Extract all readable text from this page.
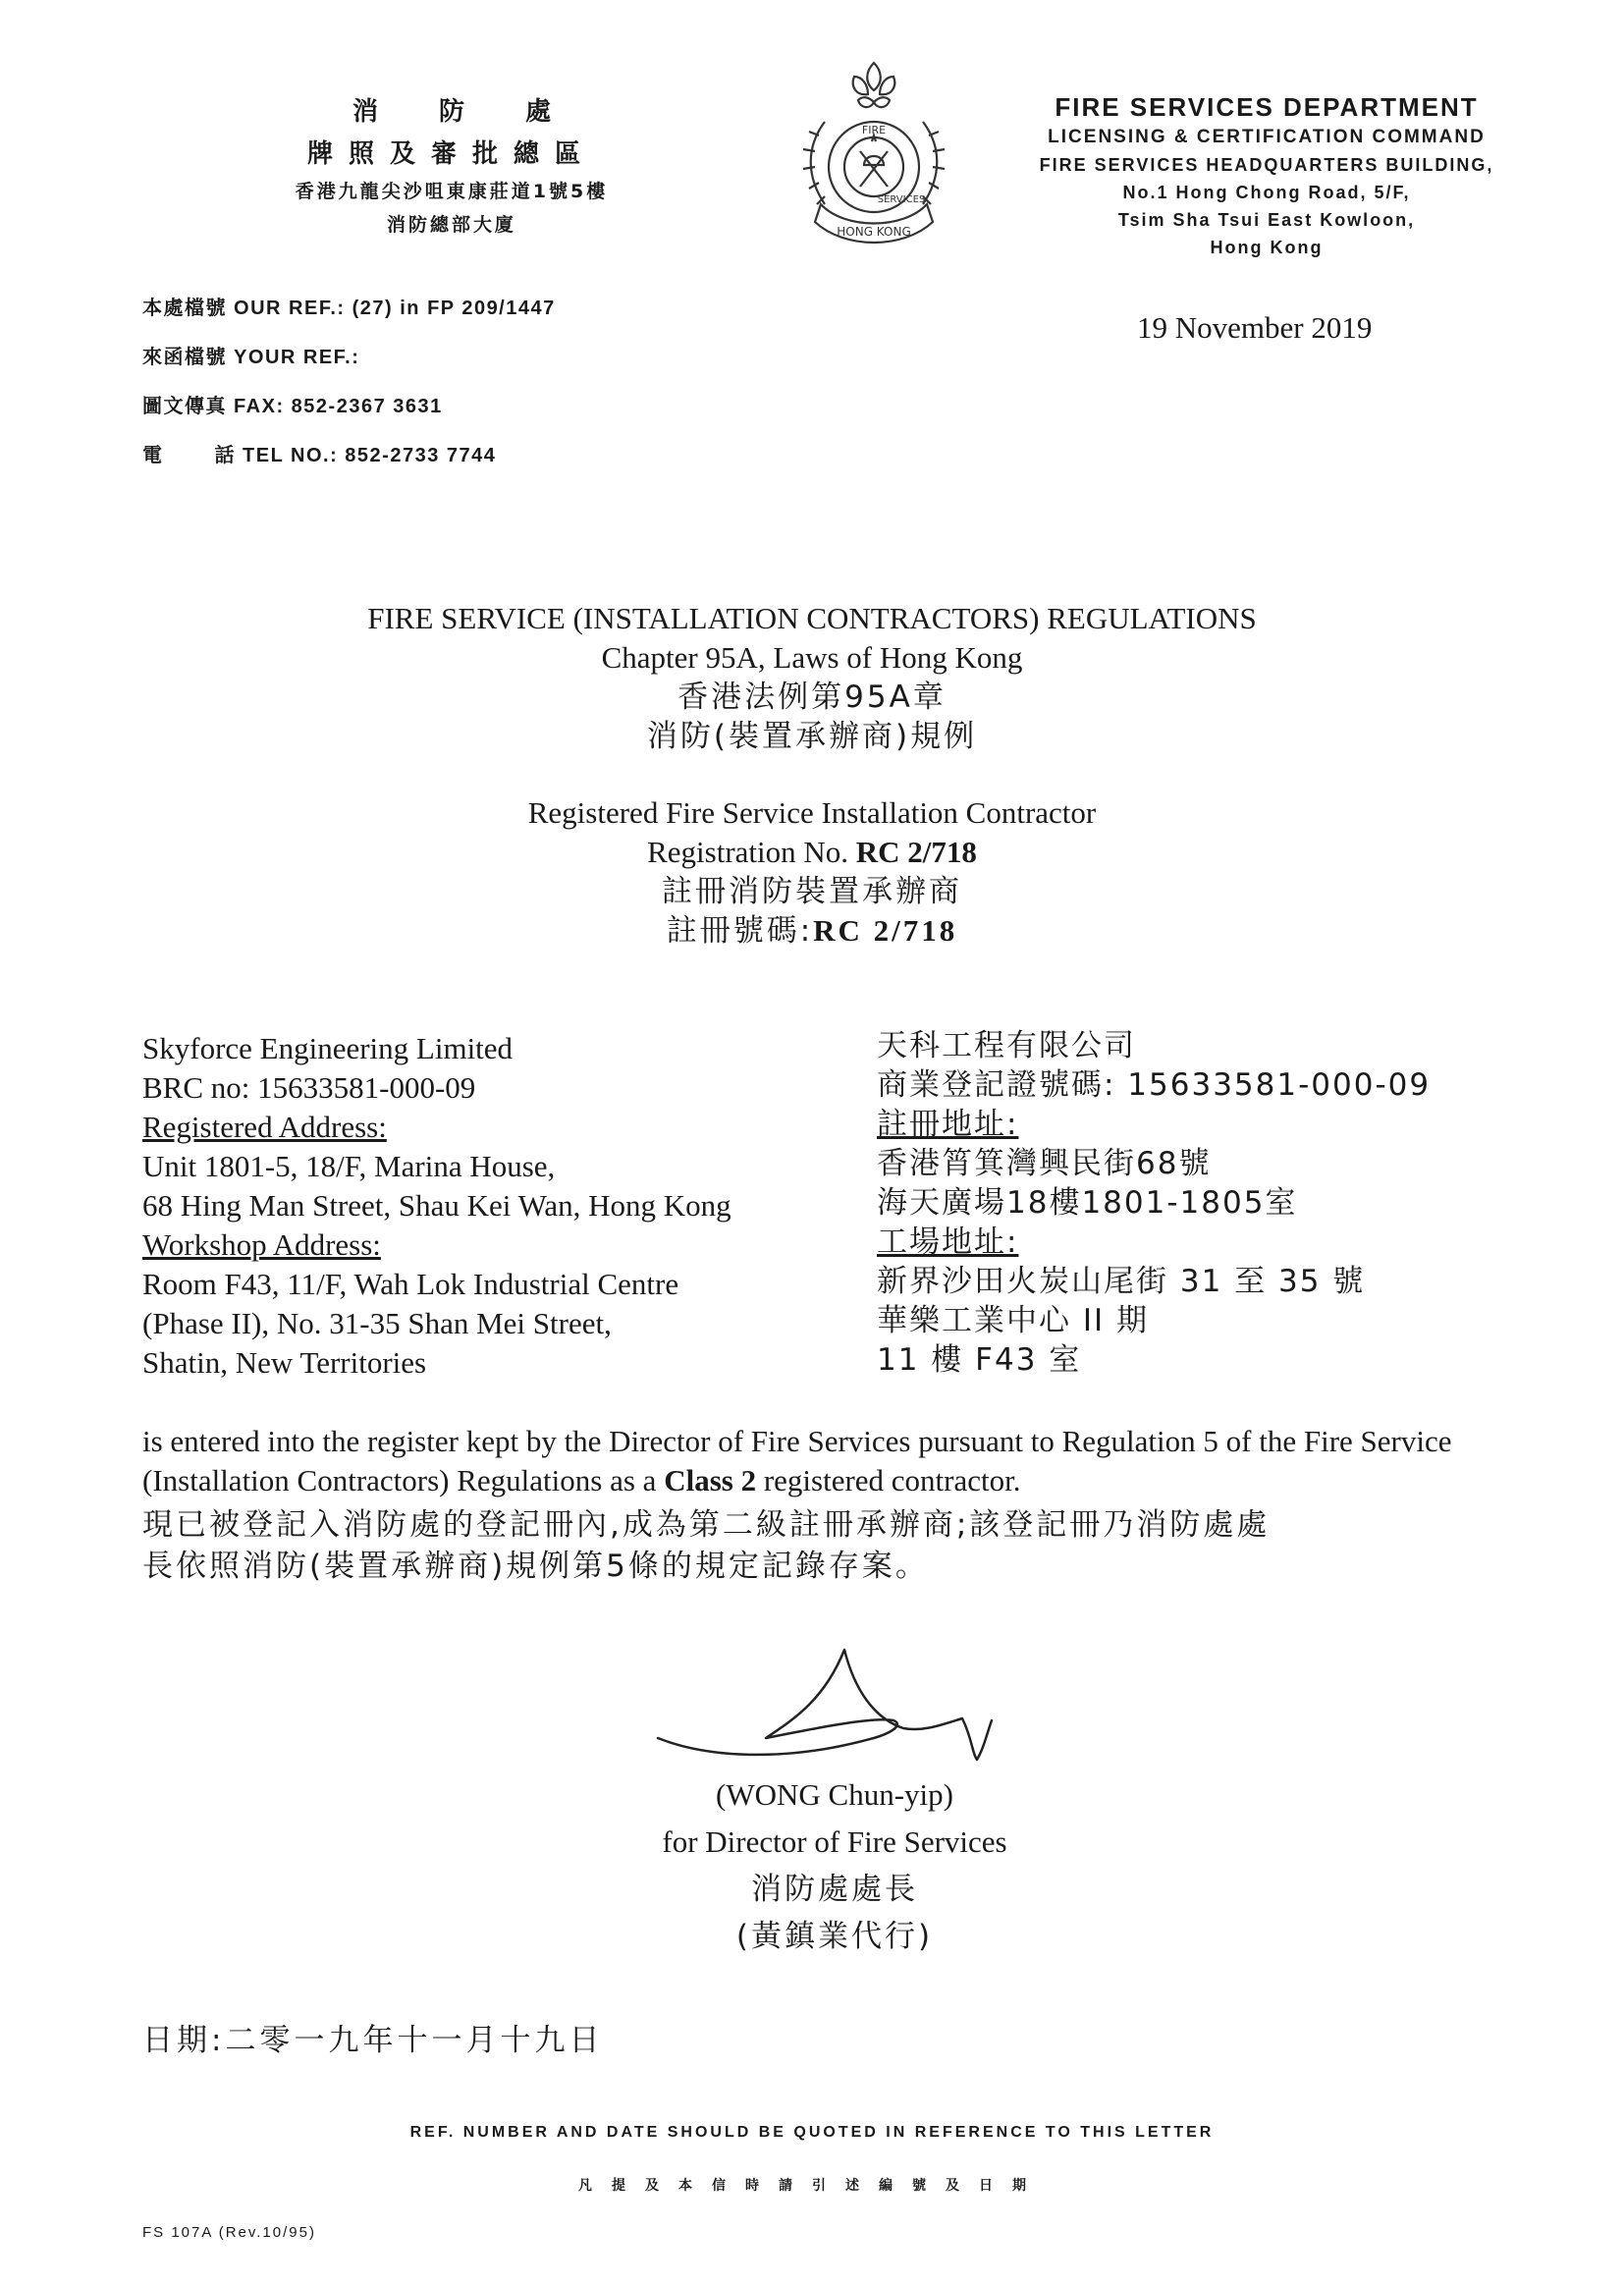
消防處
牌照及審批總區
香港九龍尖沙咀東康莊道1號5樓
消防總部大廈
FIRE
SERVICES
HONG KONG
FIRE SERVICES DEPARTMENT
LICENSING & CERTIFICATION COMMAND
FIRE SERVICES HEADQUARTERS BUILDING,
No.1 Hong Chong Road, 5/F,
Tsim Sha Tsui East Kowloon,
Hong Kong
本處檔號 OUR REF.: (27) in FP 209/1447
來函檔號 YOUR REF.:
圖文傳真 FAX: 852-2367 3631
電	話 TEL NO.: 852-2733 7744
19 November 2019
FIRE SERVICE (INSTALLATION CONTRACTORS) REGULATIONS
Chapter 95A, Laws of Hong Kong
香港法例第95A章
消防(裝置承辦商)規例
Registered Fire Service Installation Contractor
Registration No. RC 2/718
註冊消防裝置承辦商
註冊號碼:RC 2/718
Skyforce Engineering Limited
BRC no: 15633581-000-09
Registered Address:
Unit 1801-5, 18/F, Marina House,
68 Hing Man Street, Shau Kei Wan, Hong Kong
Workshop Address:
Room F43, 11/F, Wah Lok Industrial Centre
(Phase II), No. 31-35 Shan Mei Street,
Shatin, New Territories
天科工程有限公司
商業登記證號碼: 15633581-000-09
註冊地址:
香港筲箕灣興民街68號
海天廣場18樓1801-1805室
工場地址:
新界沙田火炭山尾街 31 至 35 號
華樂工業中心 II 期
11 樓 F43 室
is entered into the register kept by the Director of Fire Services pursuant to Regulation 5 of the Fire Service (Installation Contractors) Regulations as a Class 2 registered contractor.
現已被登記入消防處的登記冊內,成為第二級註冊承辦商;該登記冊乃消防處處
長依照消防(裝置承辦商)規例第5條的規定記錄存案。
(WONG Chun-yip)
for Director of Fire Services
消防處處長
(黃鎮業代行)
日期:二零一九年十一月十九日
REF. NUMBER AND DATE SHOULD BE QUOTED IN REFERENCE TO THIS LETTER
凡提及本信時請引述編號及日期
FS 107A (Rev.10/95)
